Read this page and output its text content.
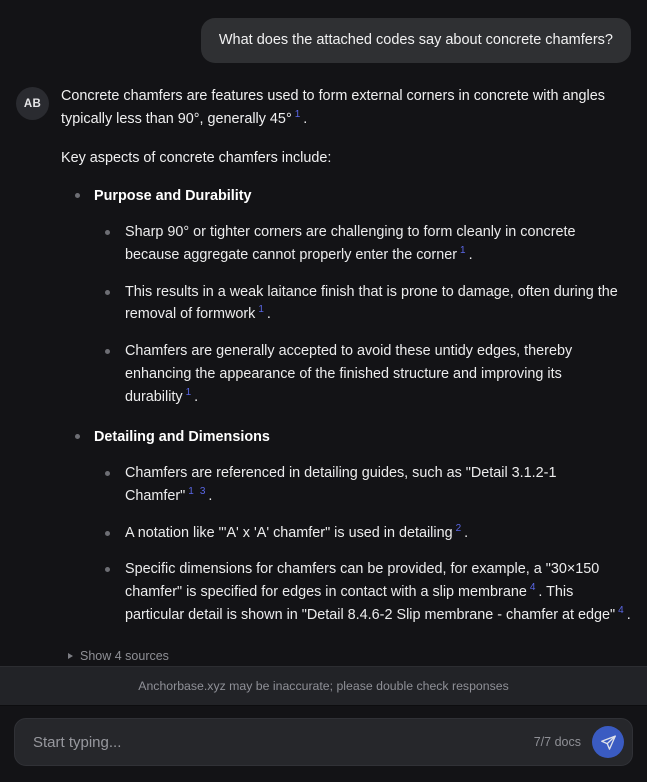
What does the attached codes say about concrete chamfers?
AB	Concrete chamfers are features used to form external corners in concrete with angles typically less than 90°, generally 45° $^1$ .
Key aspects of concrete chamfers include:
Purpose and Durability
Sharp 90° or tighter corners are challenging to form cleanly in concrete because aggregate cannot properly enter the corner $^1$ .
This results in a weak laitance finish that is prone to damage, often during the removal of formwork $^1$ .
Chamfers are generally accepted to avoid these untidy edges, thereby enhancing the appearance of the finished structure and improving its durability $^1$ .
Detailing and Dimensions
Chamfers are referenced in detailing guides, such as "Detail 3.1.2-1 Chamfer" $^1$ $^3$ .
A notation like "'A' x 'A' chamfer" is used in detailing $^2$ .
Specific dimensions for chamfers can be provided, for example, a "30×150 chamfer" is specified for edges in contact with a slip membrane $^4$ . This particular detail is shown in "Detail 8.4.6-2 Slip membrane - chamfer at edge" $^4$ .
Show 4 sources
Anchorbase.xyz may be inaccurate; please double check responses
Start typing...
7/7 docs
